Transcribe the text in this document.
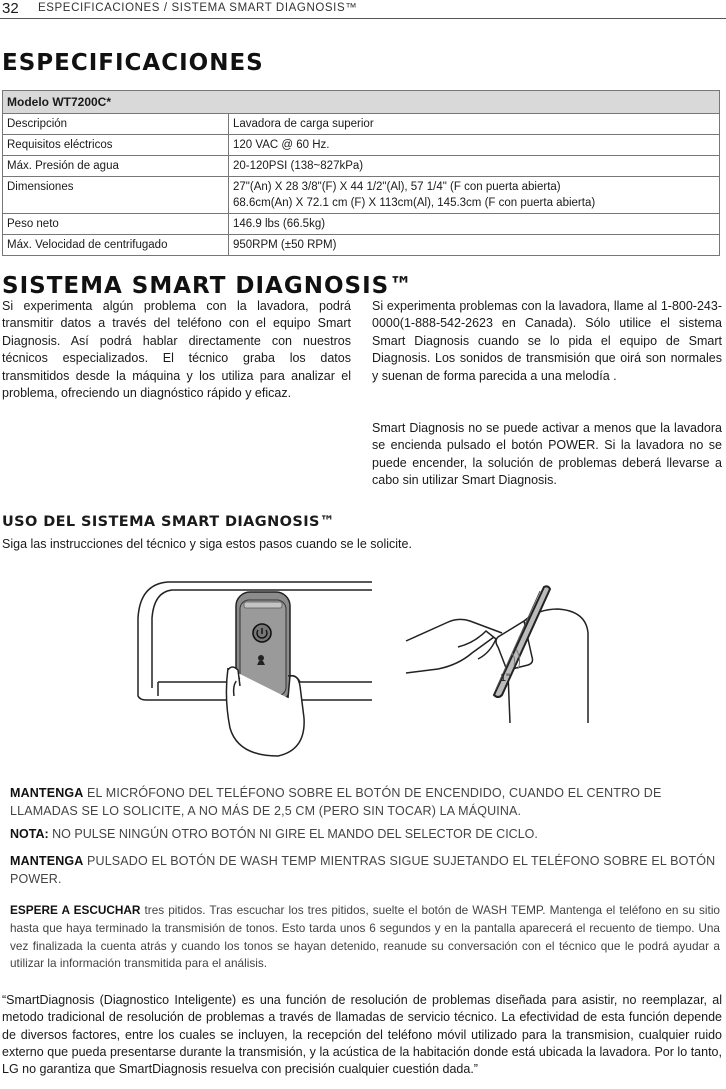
32 ESPECIFICACIONES / SISTEMA SMART DIAGNOSIS™
ESPECIFICACIONES
Modelo WT7200C*	
Descripción	Lavadora de carga superior
Requisitos eléctricos	120 VAC @ 60 Hz.
Máx. Presión de agua	20-120PSI (138~827kPa)
Dimensiones	27"(An) X 28 3/8"(F) X 44 1/2"(Al), 57 1/4" (F con puerta abierta)
68.6cm(An) X 72.1 cm (F) X 113cm(Al), 145.3cm (F con puerta abierta)

Peso neto	146.9 lbs (66.5kg)
Máx. Velocidad de centrifugado	950RPM (±50 RPM)
SISTEMA SMART DIAGNOSIS™

Si experimenta algún problema con la lavadora, podrá transmitir datos a través del teléfono con el equipo Smart Diagnosis. Así podrá hablar directamente con nuestros técnicos especializados. El técnico graba los datos transmitidos desde la máquina y los utiliza para analizar el problema, ofreciendo un diagnóstico rápido y eficaz.

Si experimenta problemas con la lavadora, llame al 1-800-243-0000(1-888-542-2623 en Canada). Sólo utilice el sistema Smart Diagnosis cuando se lo pida el equipo de Smart Diagnosis. Los sonidos de transmisión que oirá son normales y suenan de forma parecida a una melodía .

Smart Diagnosis no se puede activar a menos que la lavadora se encienda pulsado el botón POWER. Si la lavadora no se puede encender, la solución de problemas deberá llevarse a cabo sin utilizar Smart Diagnosis.

USO DEL SISTEMA SMART DIAGNOSIS™
Siga las instrucciones del técnico y siga estos pasos cuando se le solicite.
1"
MANTENGA EL MICRÓFONO DEL TELÉFONO SOBRE EL BOTÓN DE ENCENDIDO, CUANDO EL CENTRO DE LLAMADAS SE LO SOLICITE, A NO MÁS DE 2,5 CM (PERO SIN TOCAR) LA MÁQUINA.
NOTA: NO PULSE NINGÚN OTRO BOTÓN NI GIRE EL MANDO DEL SELECTOR DE CICLO.
MANTENGA PULSADO EL BOTÓN DE WASH TEMP MIENTRAS SIGUE SUJETANDO EL TELÉFONO SOBRE EL BOTÓN POWER.
ESPERE A ESCUCHAR tres pitidos. Tras escuchar los tres pitidos, suelte el botón de WASH TEMP. Mantenga el teléfono en su sitio hasta que haya terminado la transmisión de tonos. Esto tarda unos 6 segundos y en la pantalla aparecerá el recuento de tiempo. Una vez finalizada la cuenta atrás y cuando los tonos se hayan detenido, reanude su conversación con el técnico que le podrá ayudar a utilizar la información transmitida para el análisis.
“SmartDiagnosis (Diagnostico Inteligente) es una función de resolución de problemas diseñada para asistir, no reemplazar, al metodo tradicional de resolución de problemas a través de llamadas de servicio técnico. La efectividad de esta función depende de diversos factores, entre los cuales se incluyen, la recepción del teléfono móvil utilizado para la transmision, cualquier ruido externo que pueda presentarse durante la transmisión, y la acústica de la habitación donde está ubicada la lavadora. Por lo tanto, LG no garantiza que SmartDiagnosis resuelva con precisión cualquier cuestión dada.”
